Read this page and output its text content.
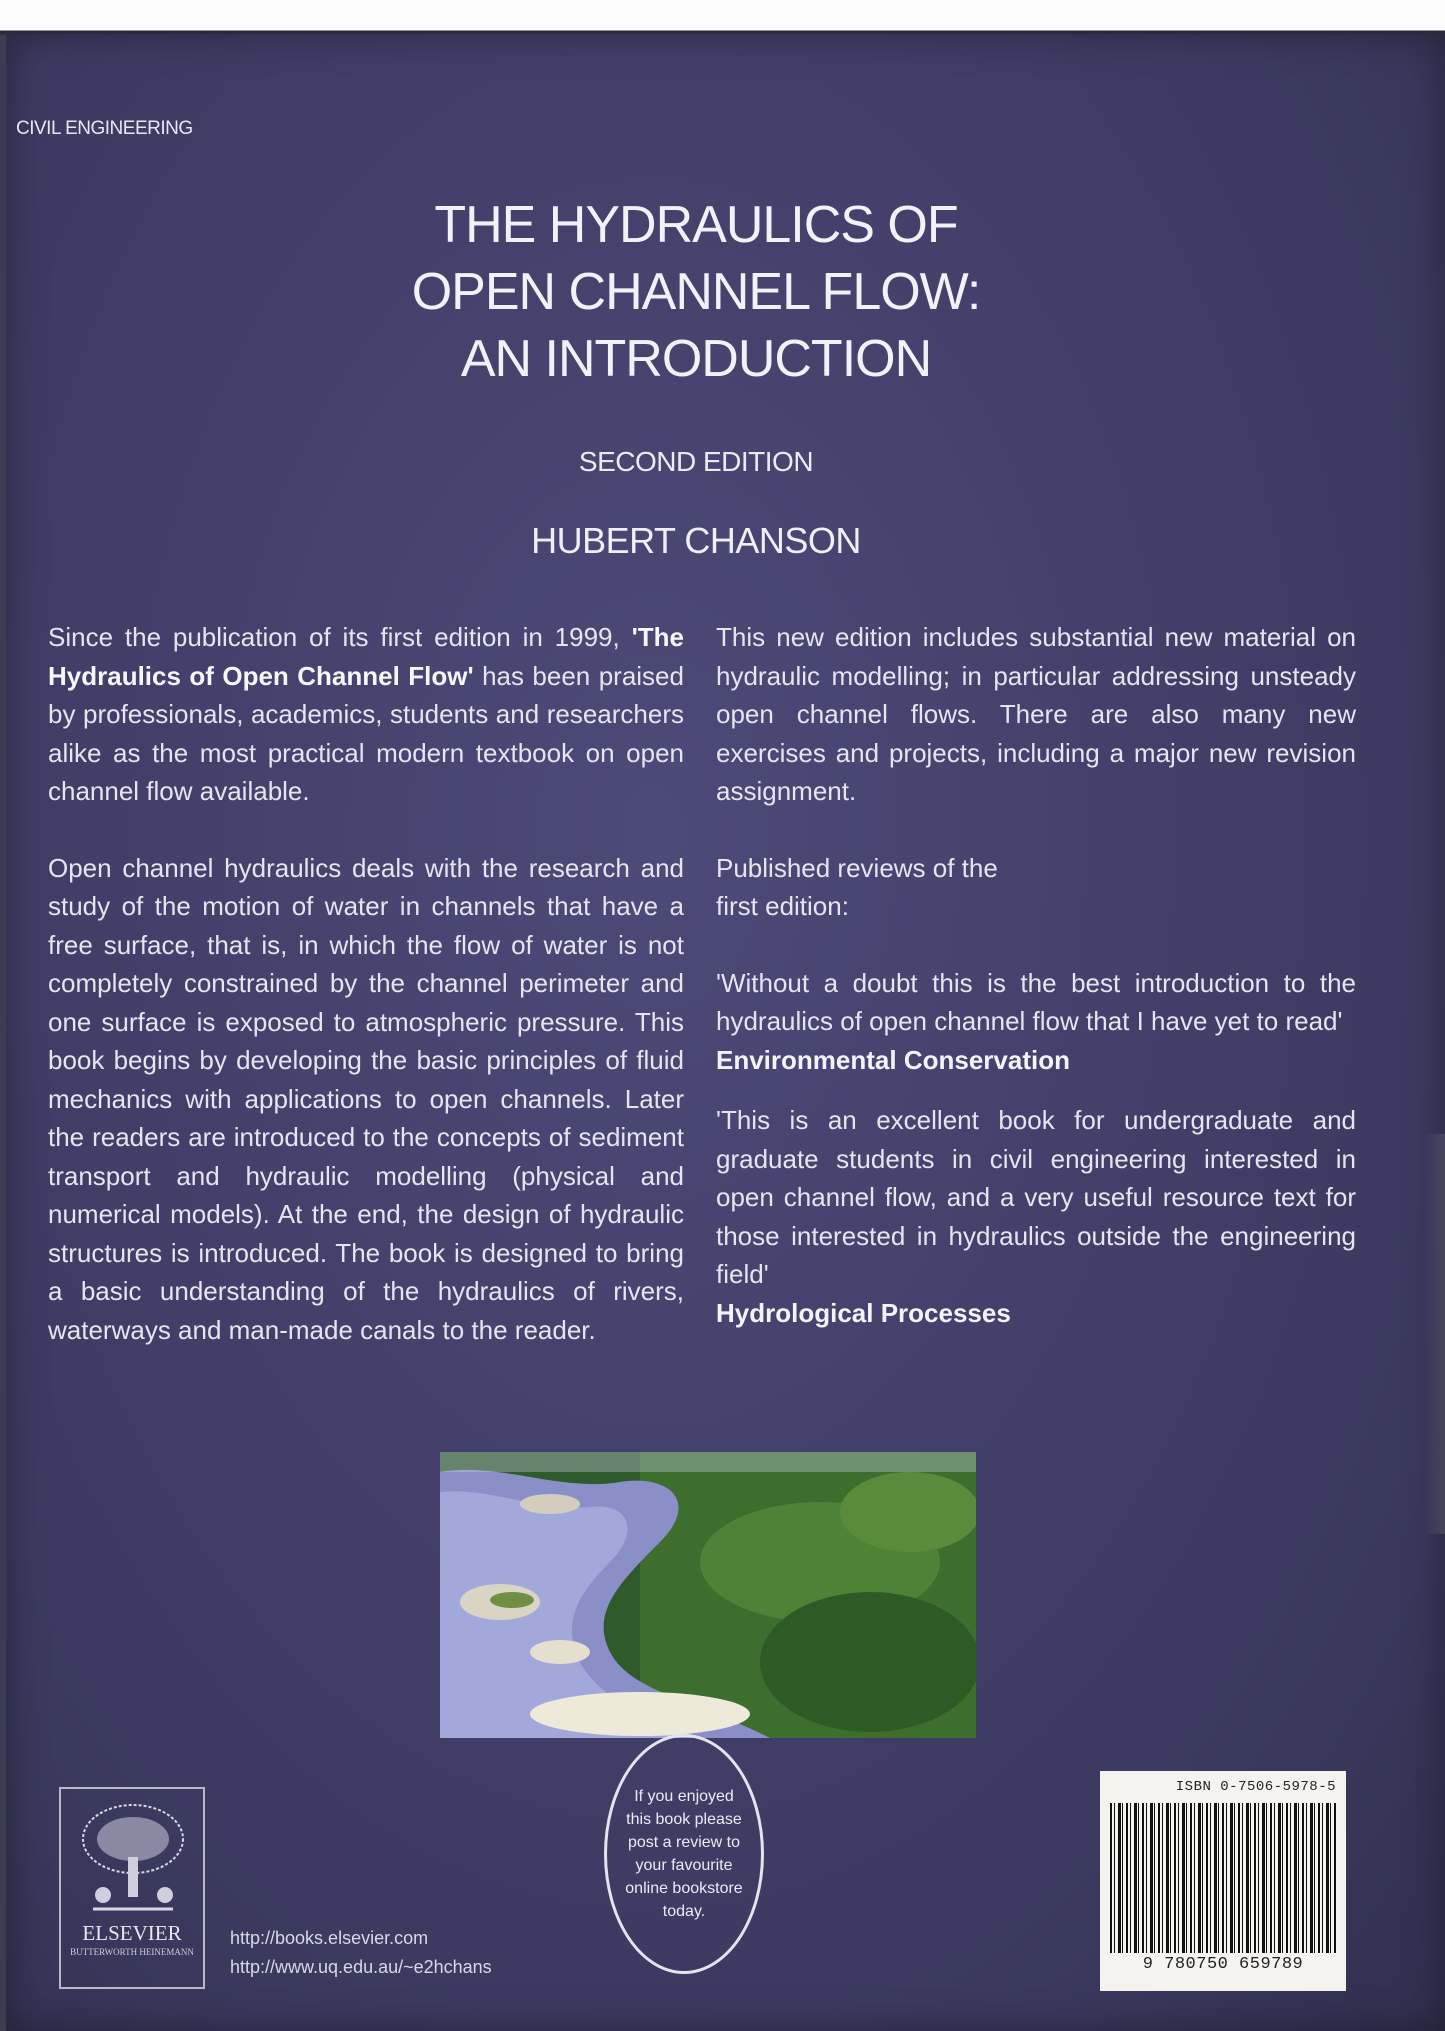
CIVIL ENGINEERING
THE HYDRAULICS OF
OPEN CHANNEL FLOW:
AN INTRODUCTION
SECOND EDITION
HUBERT CHANSON

Since the publication of its first edition in 1999, 'The Hydraulics of Open Channel Flow' has been praised by professionals, academics, students and researchers alike as the most practical modern textbook on open channel flow available.

Open channel hydraulics deals with the research and study of the motion of water in channels that have a free surface, that is, in which the flow of water is not completely constrained by the channel perimeter and one surface is exposed to atmospheric pressure. This book begins by developing the basic principles of fluid mechanics with applications to open channels. Later the readers are introduced to the concepts of sediment transport and hydraulic modelling (physical and numerical models). At the end, the design of hydraulic structures is introduced. The book is designed to bring a basic understanding of the hydraulics of rivers, waterways and man-made canals to the reader.

This new edition includes substantial new material on hydraulic modelling; in particular addressing unsteady open channel flows. There are also many new exercises and projects, including a major new revision assignment.

Published reviews of the
first edition:

'Without a doubt this is the best introduction to the hydraulics of open channel flow that I have yet to read'

Environmental Conservation

'This is an excellent book for undergraduate and graduate students in civil engineering interested in open channel flow, and a very useful resource text for those interested in hydraulics outside the engineering field'

Hydrological Processes
ELSEVIER
BUTTERWORTH HEINEMANN
http://books.elsevier.com
http://www.uq.edu.au/~e2hchans
If you enjoyed this book please post a review to your favourite online bookstore today.
ISBN 0-7506-5978-5
9 780750 659789
